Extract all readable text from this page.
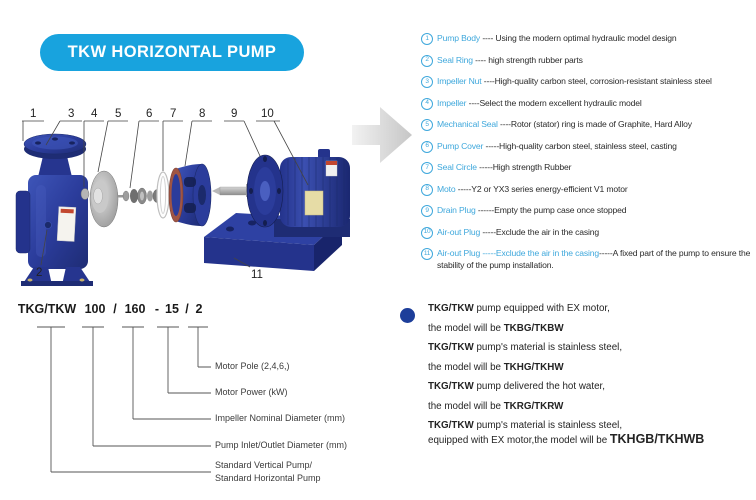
TKW HORIZONTAL PUMP
1	3 4 5 6 7 8 9 10
2	11
1 Pump Body ---- Using the modern optimal hydraulic model design
2 Seal Ring ---- high strength rubber parts
3 Impeller Nut ----High-quality carbon steel, corrosion-resistant stainless steel
4 Impeller ----Select the modern excellent hydraulic model
5 Mechanical Seal ----Rotor (stator) ring is made of Graphite, Hard Alloy
6 Pump Cover -----High-quality carbon steel, stainless steel, casting
7 Seal Circle -----High strength Rubber
8 Moto -----Y2 or YX3 series energy-efficient V1 motor
9 Drain Plug ------Empty the pump case once stopped
10 Air-out Plug -----Exclude the air in the casing
11 Air-out Plug -----Exclude the air in the casing-----A fixed part of the pump to ensure the stability of the pump installation.
TKG/TKW 100 / 160 - 15 / 2
Motor Pole (2,4,6,)
Motor Power (kW)
Impeller Nominal Diameter (mm)
Pump Inlet/Outlet Diameter (mm)
Standard Vertical Pump/
Standard Horizontal Pump

TKG/TKW pump equipped with EX motor,

the model will be TKBG/TKBW

TKG/TKW pump's material is stainless steel,

the model will be TKHG/TKHW

TKG/TKW pump delivered the hot water,

the model will be TKRG/TKRW

TKG/TKW pump's material is stainless steel,

equipped with EX motor,the model will be TKHGB/TKHWB
